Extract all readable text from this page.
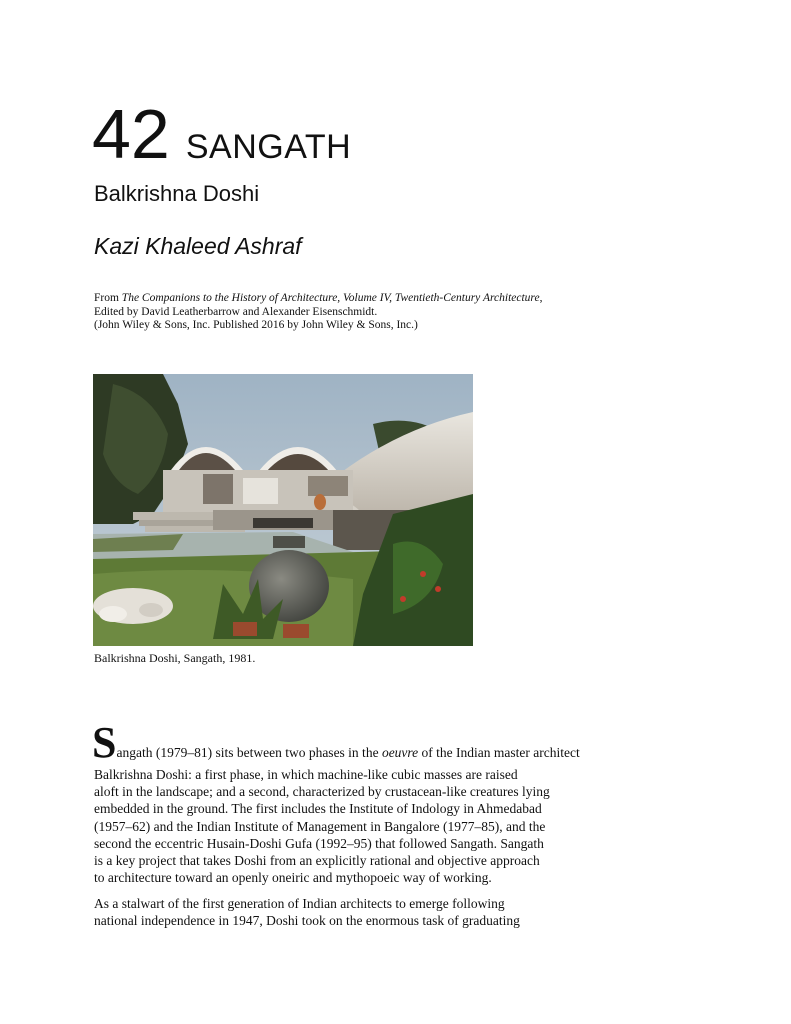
42 SANGATH
Balkrishna Doshi
Kazi Khaleed Ashraf
From The Companions to the History of Architecture, Volume IV, Twentieth-Century Architecture,
Edited by David Leatherbarrow and Alexander Eisenschmidt.
(John Wiley & Sons, Inc. Published 2016 by John Wiley & Sons, Inc.)
Balkrishna Doshi, Sangath, 1981.
Sangath (1979–81) sits between two phases in the oeuvre of the Indian master architect
Balkrishna Doshi: a first phase, in which machine-like cubic masses are raised
aloft in the landscape; and a second, characterized by crustacean-like creatures lying
embedded in the ground. The first includes the Institute of Indology in Ahmedabad
(1957–62) and the Indian Institute of Management in Bangalore (1977–85), and the
second the eccentric Husain-Doshi Gufa (1992–95) that followed Sangath. Sangath
is a key project that takes Doshi from an explicitly rational and objective approach
to architecture toward an openly oneiric and mythopoeic way of working.
As a stalwart of the first generation of Indian architects to emerge following
national independence in 1947, Doshi took on the enormous task of graduating
